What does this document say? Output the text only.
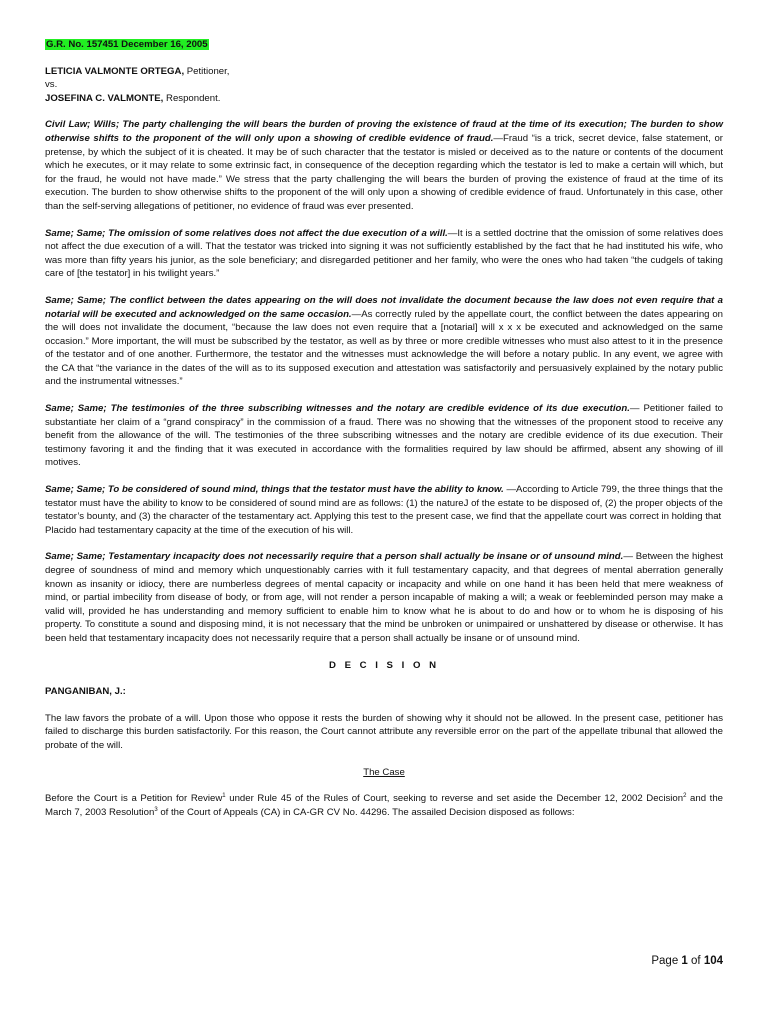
G.R. No. 157451 December 16, 2005

LETICIA VALMONTE ORTEGA, Petitioner,
vs.
JOSEFINA C. VALMONTE, Respondent.

Civil Law; Wills; The party challenging the will bears the burden of proving the existence of fraud at the time of its execution; The burden to show otherwise shifts to the proponent of the will only upon a showing of credible evidence of fraud.—Fraud “is a trick, secret device, false statement, or pretense, by which the subject of it is cheated. It may be of such character that the testator is misled or deceived as to the nature or contents of the document which he executes, or it may relate to some extrinsic fact, in consequence of the deception regarding which the testator is led to make a certain will which, but for the fraud, he would not have made.” We stress that the party challenging the will bears the burden of proving the existence of fraud at the time of its execution. The burden to show otherwise shifts to the proponent of the will only upon a showing of credible evidence of fraud. Unfortunately in this case, other than the self-serving allegations of petitioner, no evidence of fraud was ever presented.

Same; Same; The omission of some relatives does not affect the due execution of a will.—It is a settled doctrine that the omission of some relatives does not affect the due execution of a will. That the testator was tricked into signing it was not sufficiently established by the fact that he had instituted his wife, who was more than fifty years his junior, as the sole beneficiary; and disregarded petitioner and her family, who were the ones who had taken “the cudgels of taking care of [the testator] in his twilight years.”

Same; Same; The conflict between the dates appearing on the will does not invalidate the document because the law does not even require that a notarial will be executed and acknowledged on the same occasion.—As correctly ruled by the appellate court, the conflict between the dates appearing on the will does not invalidate the document, “because the law does not even require that a [notarial] will x x x be executed and acknowledged on the same occasion.” More important, the will must be subscribed by the testator, as well as by three or more credible witnesses who must also attest to it in the presence of the testator and of one another. Furthermore, the testator and the witnesses must acknowledge the will before a notary public. In any event, we agree with the CA that “the variance in the dates of the will as to its supposed execution and attestation was satisfactorily and persuasively explained by the notary public and the instrumental witnesses.”

Same; Same; The testimonies of the three subscribing witnesses and the notary are credible evidence of its due execution.— Petitioner failed to substantiate her claim of a “grand conspiracy” in the commission of a fraud. There was no showing that the witnesses of the proponent stood to receive any benefit from the allowance of the will. The testimonies of the three subscribing witnesses and the notary are credible evidence of its due execution. Their testimony favoring it and the finding that it was executed in accordance with the formalities required by law should be affirmed, absent any showing of ill motives.

Same; Same; To be considered of sound mind, things that the testator must have the ability to know. —According to Article 799, the three things that the testator must have the ability to know to be considered of sound mind are as follows: (1) the natureJ of the estate to be disposed of, (2) the proper objects of the testator’s bounty, and (3) the character of the testamentary act. Applying this test to the present case, we find that the appellate court was correct in holding that Placido had testamentary capacity at the time of the execution of his will.

Same; Same; Testamentary incapacity does not necessarily require that a person shall actually be insane or of unsound mind.— Between the highest degree of soundness of mind and memory which unquestionably carries with it full testamentary capacity, and that degrees of mental aberration generally known as insanity or idiocy, there are numberless degrees of mental capacity or incapacity and while on one hand it has been held that mere weakness of mind, or partial imbecility from disease of body, or from age, will not render a person incapable of making a will; a weak or feebleminded person may make a valid will, provided he has understanding and memory sufficient to enable him to know what he is about to do and how or to whom he is disposing of his property. To constitute a sound and disposing mind, it is not necessary that the mind be unbroken or unimpaired or unshattered by disease or otherwise. It has been held that testamentary incapacity does not necessarily require that a person shall actually be insane or of unsound mind.

D E C I S I O N

PANGANIBAN, J.:

The law favors the probate of a will. Upon those who oppose it rests the burden of showing why it should not be allowed. In the present case, petitioner has failed to discharge this burden satisfactorily. For this reason, the Court cannot attribute any reversible error on the part of the appellate tribunal that allowed the probate of the will.

The Case

Before the Court is a Petition for Review$^1$ under Rule 45 of the Rules of Court, seeking to reverse and set aside the December 12, 2002 Decision$^2$ and the March 7, 2003 Resolution$^3$ of the Court of Appeals (CA) in CA-GR CV No. 44296. The assailed Decision disposed as follows:

Page 1 of 104
